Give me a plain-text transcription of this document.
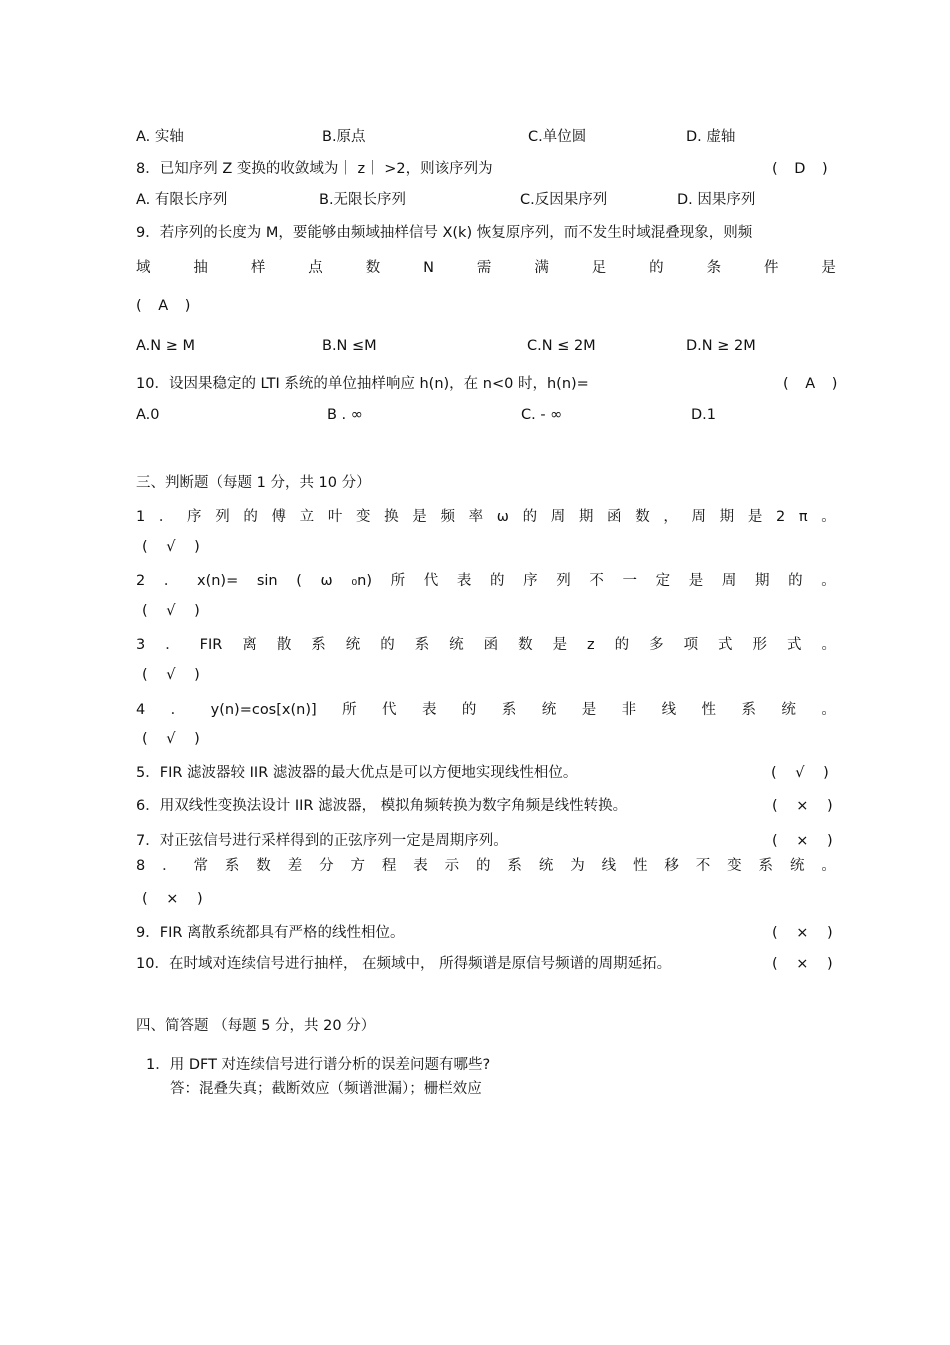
A. 实轴	B.原点	C.单位圆	D. 虚轴
8．已知序列 Z 变换的收敛域为｜ z｜ >2，则该序列为	( D )
A. 有限长序列	B.无限长序列	C.反因果序列	D. 因果序列
9．若序列的长度为 M，要能够由频域抽样信号 X(k) 恢复原序列，而不发生时域混叠现象，则频
域	抽	样	点	数	N	需	满	足	的	条	件	是
( A )
A.N ≥ M	B.N ≤M	C.N ≤ 2M	D.N ≥ 2M
10．设因果稳定的 LTI 系统的单位抽样响应 h(n)，在 n<0 时，h(n)=	( A )
A.0	B . ∞	C. - ∞	D.1
三、判断题（每题 1 分，共 10 分）
1 ． 序 列 的 傅 立 叶 变 换 是 频 率 ω 的 周 期 函 数 ， 周 期 是 2 π 。
( √ )
2 ． x(n)= sin ( ω ₀n) 所 代 表 的 序 列 不 一 定 是 周 期 的 。
( √ )
3 ． FIR 离 散 系 统 的 系 统 函 数 是 z 的 多 项 式 形 式 。
( √ )
4 ． y(n)=cos[x(n)] 所 代 表 的 系 统 是 非 线 性 系 统 。
( √ )
5．FIR 滤波器较 IIR 滤波器的最大优点是可以方便地实现线性相位。	( √ )
6．用双线性变换法设计 IIR 滤波器， 模拟角频转换为数字角频是线性转换。	( × )
7．对正弦信号进行采样得到的正弦序列一定是周期序列。	( × )
8 ． 常 系 数 差 分 方 程 表 示 的 系 统 为 线 性 移 不 变 系 统 。
( × )
9．FIR 离散系统都具有严格的线性相位。	( × )
10．在时域对连续信号进行抽样， 在频域中， 所得频谱是原信号频谱的周期延拓。	( × )
四、简答题 （每题 5 分，共 20 分）
1．用 DFT 对连续信号进行谱分析的误差问题有哪些?
答：混叠失真；截断效应（频谱泄漏）；栅栏效应
